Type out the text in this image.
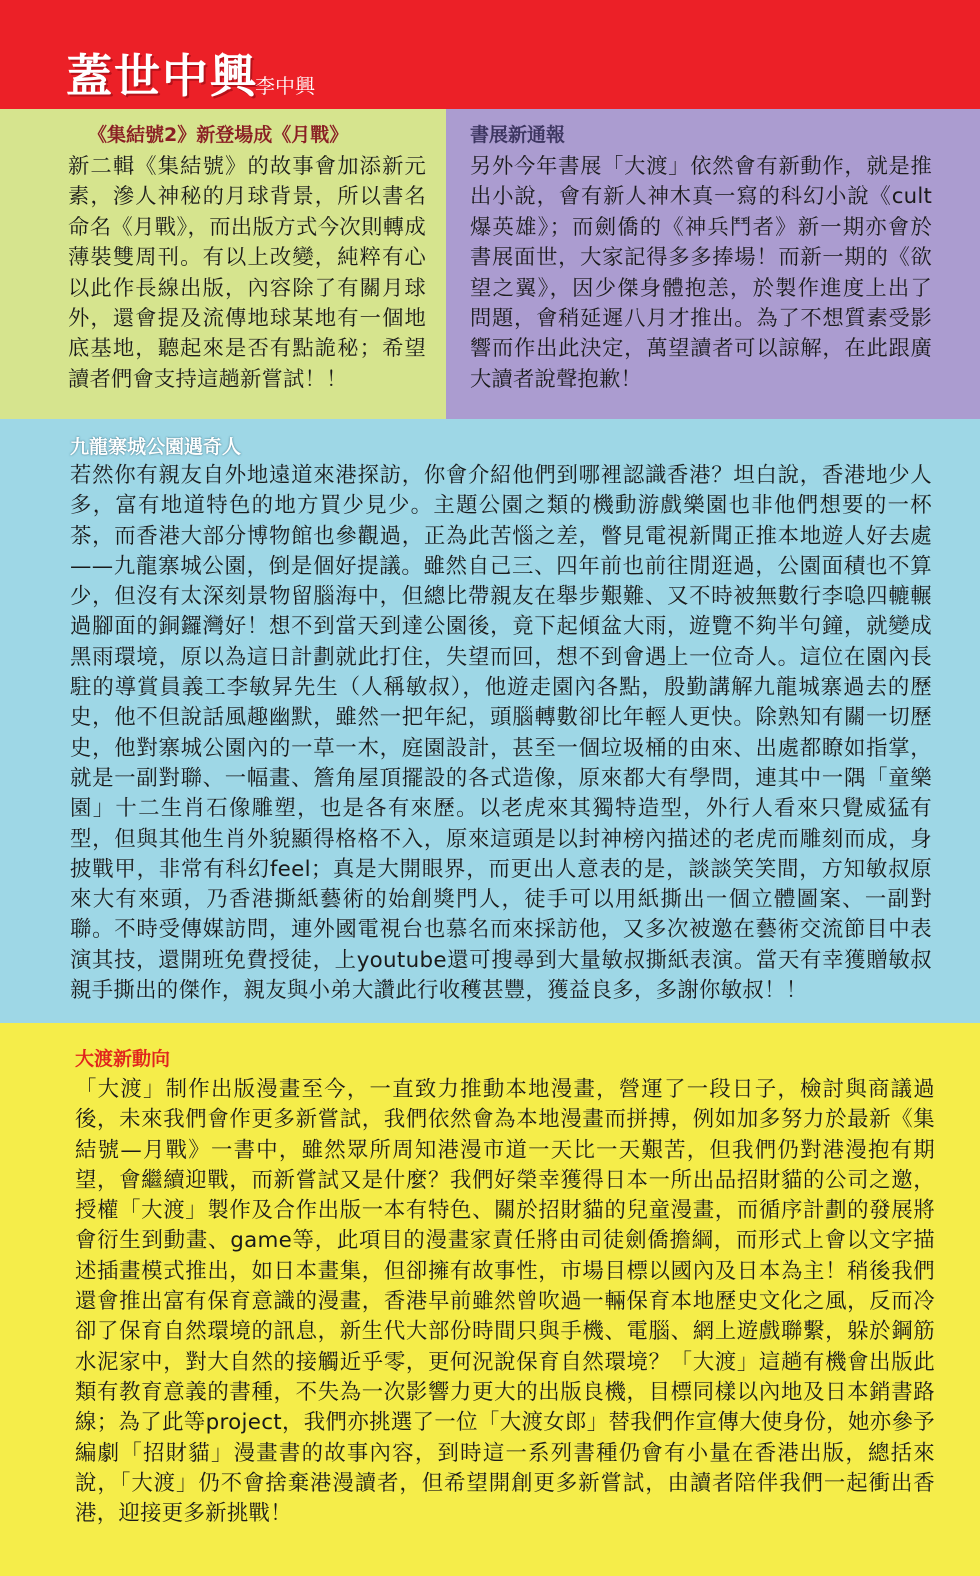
蓋世中興
李中興
《集結號2》新登場成《月戰》
新二輯《集結號》的故事會加添新元素，滲人神秘的月球背景，所以書名命名《月戰》，而出版方式今次則轉成薄裝雙周刊。有以上改變，純粹有心以此作長線出版，內容除了有關月球外，還會提及流傳地球某地有一個地底基地，聽起來是否有點詭秘；希望讀者們會支持這趟新嘗試！！
書展新通報
另外今年書展「大渡」依然會有新動作，就是推出小說，會有新人神木真一寫的科幻小說《cult爆英雄》；而劍僑的《神兵鬥者》新一期亦會於書展面世，大家記得多多捧場！而新一期的《欲望之翼》，因少傑身體抱恙，於製作進度上出了問題，會稍延遲八月才推出。為了不想質素受影響而作出此決定，萬望讀者可以諒解，在此跟廣大讀者說聲抱歉！
九龍寨城公園遇奇人
若然你有親友自外地遠道來港探訪，你會介紹他們到哪裡認識香港？坦白說，香港地少人多，富有地道特色的地方買少見少。主題公園之類的機動游戲樂園也非他們想要的一杯茶，而香港大部分博物館也參觀過，正為此苦惱之差，瞥見電視新聞正推本地遊人好去處——九龍寨城公園，倒是個好提議。雖然自己三、四年前也前往閒逛過，公園面積也不算少，但沒有太深刻景物留腦海中，但總比帶親友在舉步艱難、又不時被無數行李喼四轆輾過腳面的銅鑼灣好！想不到當天到達公園後，竟下起傾盆大雨，遊覽不夠半句鐘，就變成黑雨環境，原以為這日計劃就此打住，失望而回，想不到會遇上一位奇人。這位在園內長駐的導賞員義工李敏昇先生（人稱敏叔），他遊走園內各點，殷勤講解九龍城寨過去的歷史，他不但說話風趣幽默，雖然一把年紀，頭腦轉數卻比年輕人更快。除熟知有關一切歷史，他對寨城公園內的一草一木，庭園設計，甚至一個垃圾桶的由來、出處都瞭如指掌，就是一副對聯、一幅畫、簷角屋頂擺設的各式造像，原來都大有學問，連其中一隅「童樂園」十二生肖石像雕塑，也是各有來歷。以老虎來其獨特造型，外行人看來只覺威猛有型，但與其他生肖外貌顯得格格不入，原來這頭是以封神榜內描述的老虎而雕刻而成，身披戰甲，非常有科幻feel；真是大開眼界，而更出人意表的是，談談笑笑間，方知敏叔原來大有來頭，乃香港撕紙藝術的始創獎門人，徒手可以用紙撕出一個立體圖案、一副對聯。不時受傳媒訪問，連外國電視台也慕名而來採訪他，又多次被邀在藝術交流節目中表演其技，還開班免費授徒，上youtube還可搜尋到大量敏叔撕紙表演。當天有幸獲贈敏叔親手撕出的傑作，親友與小弟大讚此行收穫甚豐，獲益良多，多謝你敏叔！！
大渡新動向
「大渡」制作出版漫畫至今，一直致力推動本地漫畫，營運了一段日子，檢討與商議過後，未來我們會作更多新嘗試，我們依然會為本地漫畫而拼搏，例如加多努力於最新《集結號—月戰》一書中，雖然眾所周知港漫市道一天比一天艱苦，但我們仍對港漫抱有期望，會繼續迎戰，而新嘗試又是什麼？我們好榮幸獲得日本一所出品招財貓的公司之邀，授權「大渡」製作及合作出版一本有特色、關於招財貓的兒童漫畫，而循序計劃的發展將會衍生到動畫、game等，此項目的漫畫家責任將由司徒劍僑擔綱，而形式上會以文字描述插畫模式推出，如日本畫集，但卻擁有故事性，市場目標以國內及日本為主！稍後我們還會推出富有保育意識的漫畫，香港早前雖然曾吹過一輛保育本地歷史文化之風，反而冷卻了保育自然環境的訊息，新生代大部份時間只與手機、電腦、網上遊戲聯繫，躲於鋼筋水泥家中，對大自然的接觸近乎零，更何況說保育自然環境？「大渡」這趟有機會出版此類有教育意義的書種，不失為一次影響力更大的出版良機，目標同樣以內地及日本銷書路線；為了此等project，我們亦挑選了一位「大渡女郎」替我們作宣傳大使身份，她亦參予編劇「招財貓」漫畫書的故事內容，到時這一系列書種仍會有小量在香港出版，總括來說，「大渡」仍不會捨棄港漫讀者，但希望開創更多新嘗試，由讀者陪伴我們一起衝出香港，迎接更多新挑戰！
